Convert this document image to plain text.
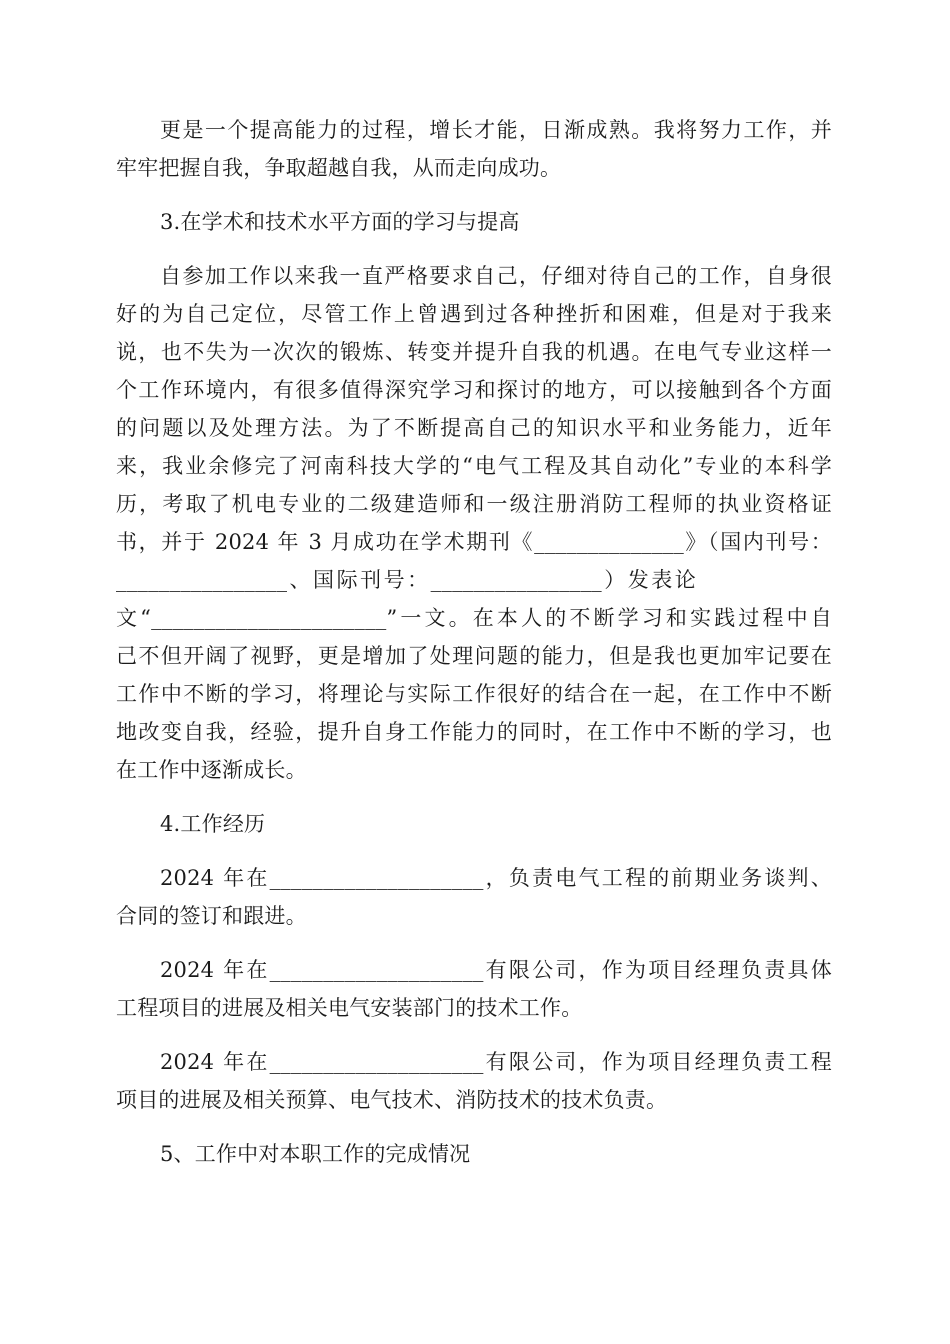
更是一个提高能力的过程，增长才能，日渐成熟。我将努力工作，并
牢牢把握自我，争取超越自我，从而走向成功。
3.在学术和技术水平方面的学习与提高
自参加工作以来我一直严格要求自己，仔细对待自己的工作，自身很
好的为自己定位，尽管工作上曾遇到过各种挫折和困难，但是对于我来
说，也不失为一次次的锻炼、转变并提升自我的机遇。在电气专业这样一
个工作环境内，有很多值得深究学习和探讨的地方，可以接触到各个方面
的问题以及处理方法。为了不断提高自己的知识水平和业务能力，近年
来，我业余修完了河南科技大学的“电气工程及其自动化”专业的本科学
历，考取了机电专业的二级建造师和一级注册消防工程师的执业资格证
书，并于 2024 年 3 月成功在学术期刊《______________》（国内刊号：
________________、国际刊号：________________）发表论
文“______________________”一文。在本人的不断学习和实践过程中自
己不但开阔了视野，更是增加了处理问题的能力，但是我也更加牢记要在
工作中不断的学习，将理论与实际工作很好的结合在一起，在工作中不断
地改变自我，经验，提升自身工作能力的同时，在工作中不断的学习，也
在工作中逐渐成长。
4.工作经历
2024 年在____________________，负责电气工程的前期业务谈判、
合同的签订和跟进。
2024 年在____________________有限公司，作为项目经理负责具体
工程项目的进展及相关电气安装部门的技术工作。
2024 年在____________________有限公司，作为项目经理负责工程
项目的进展及相关预算、电气技术、消防技术的技术负责。
5、工作中对本职工作的完成情况
